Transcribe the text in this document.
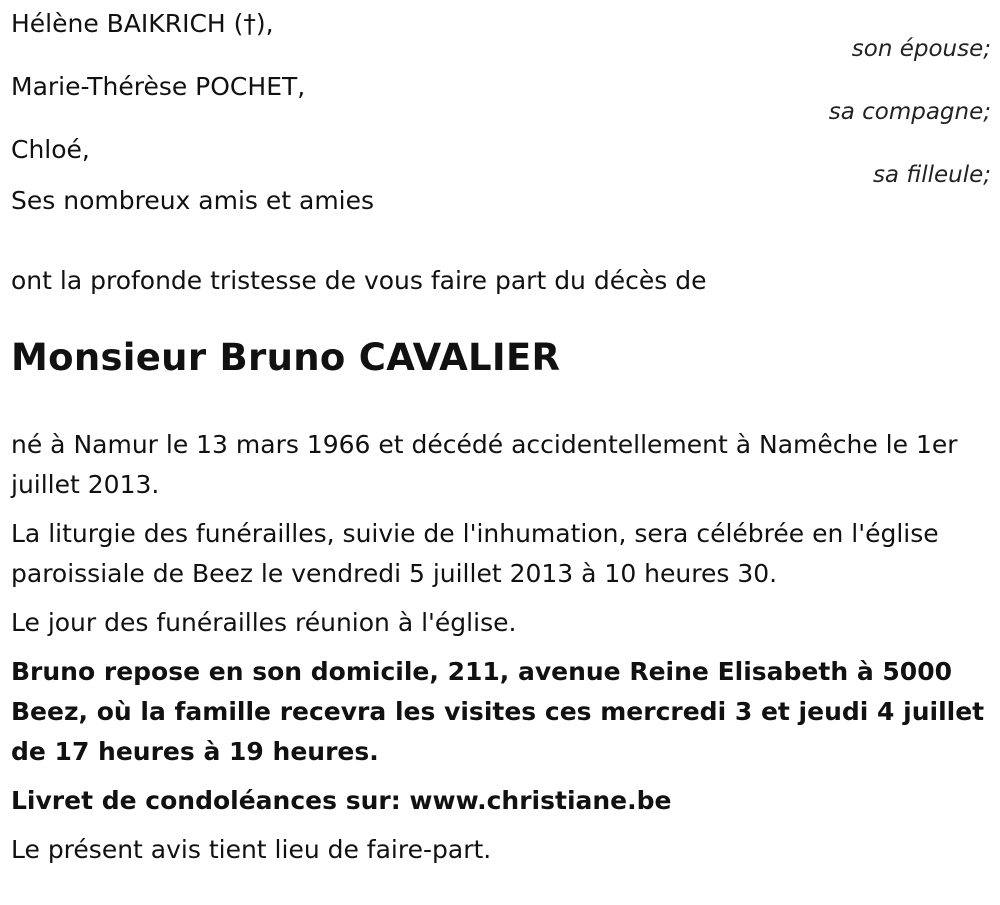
Hélène BAIKRICH (†),
son épouse;
Marie-Thérèse POCHET,
sa compagne;
Chloé,
sa filleule;

Ses nombreux amis et amies

ont la profonde tristesse de vous faire part du décès de

Monsieur Bruno CAVALIER

né à Namur le 13 mars 1966 et décédé accidentellement à Namêche le 1er juillet 2013.

La liturgie des funérailles, suivie de l'inhumation, sera célébrée en l'église paroissiale de Beez le vendredi 5 juillet 2013 à 10 heures 30.

Le jour des funérailles réunion à l'église.

Bruno repose en son domicile, 211, avenue Reine Elisabeth à 5000 Beez, où la famille recevra les visites ces mercredi 3 et jeudi 4 juillet de 17 heures à 19 heures.

Livret de condoléances sur: www.christiane.be

Le présent avis tient lieu de faire-part.
